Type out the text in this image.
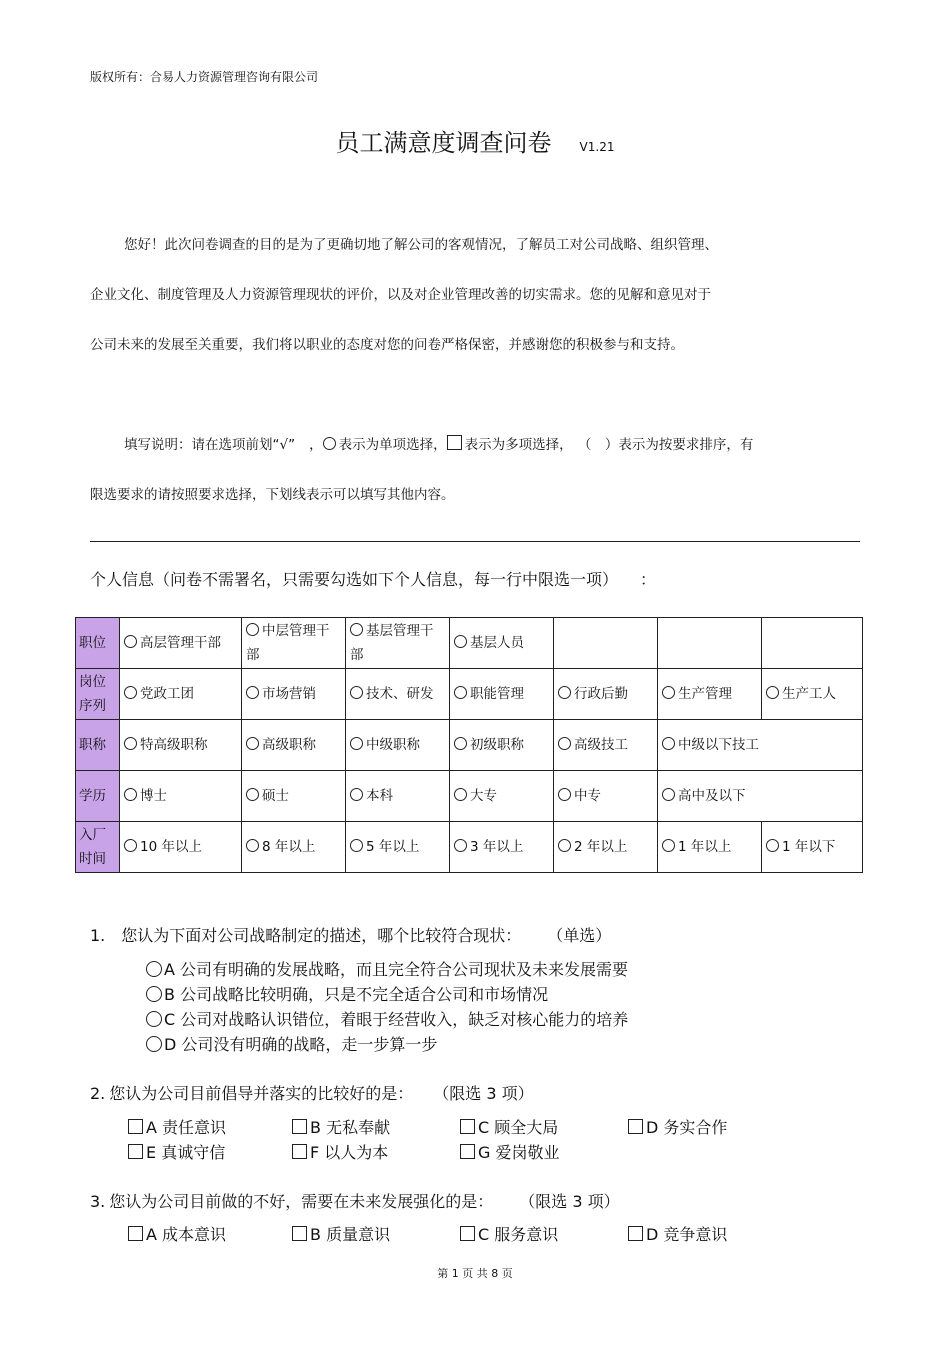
版权所有：合易人力资源管理咨询有限公司
员工满意度调查问卷 V1.21
您好！此次问卷调查的目的是为了更确切地了解公司的客观情况，了解员工对公司战略、组织管理、
企业文化、制度管理及人力资源管理现状的评价，以及对企业管理改善的切实需求。您的见解和意见对于
公司未来的发展至关重要，我们将以职业的态度对您的问卷严格保密，并感谢您的积极参与和支持。
填写说明：请在选项前划“√” ， 表示为单项选择， 表示为多项选择， （　）表示为按要求排序，有
限选要求的请按照要求选择，下划线表示可以填写其他内容。
个人信息（问卷不需署名，只需要勾选如下个人信息，每一行中限选一项） ：
职位	高层管理干部	中层管理干部	基层管理干部	基层人员			
岗位序列	党政工团	市场营销	技术、研发	职能管理	行政后勤	生产管理	生产工人
职称	特高级职称	高级职称	中级职称	初级职称	高级技工	中级以下技工	
学历	博士	硕士	本科	大专	中专	高中及以下	
入厂时间	10 年以上	8 年以上	5 年以上	3 年以上	2 年以上	1 年以上	1 年以下
1. 您认为下面对公司战略制定的描述，哪个比较符合现状： （单选）
A 公司有明确的发展战略，而且完全符合公司现状及未来发展需要
B 公司战略比较明确，只是不完全适合公司和市场情况
C 公司对战略认识错位，着眼于经营收入，缺乏对核心能力的培养
D 公司没有明确的战略，走一步算一步
2. 您认为公司目前倡导并落实的比较好的是： （限选 3 项）
A 责任意识	B 无私奉献	C 顾全大局	D 务实合作
E 真诚守信	F 以人为本	G 爱岗敬业
3. 您认为公司目前做的不好，需要在未来发展强化的是： （限选 3 项）
A 成本意识	B 质量意识	C 服务意识	D 竞争意识
第 1 页 共 8 页
